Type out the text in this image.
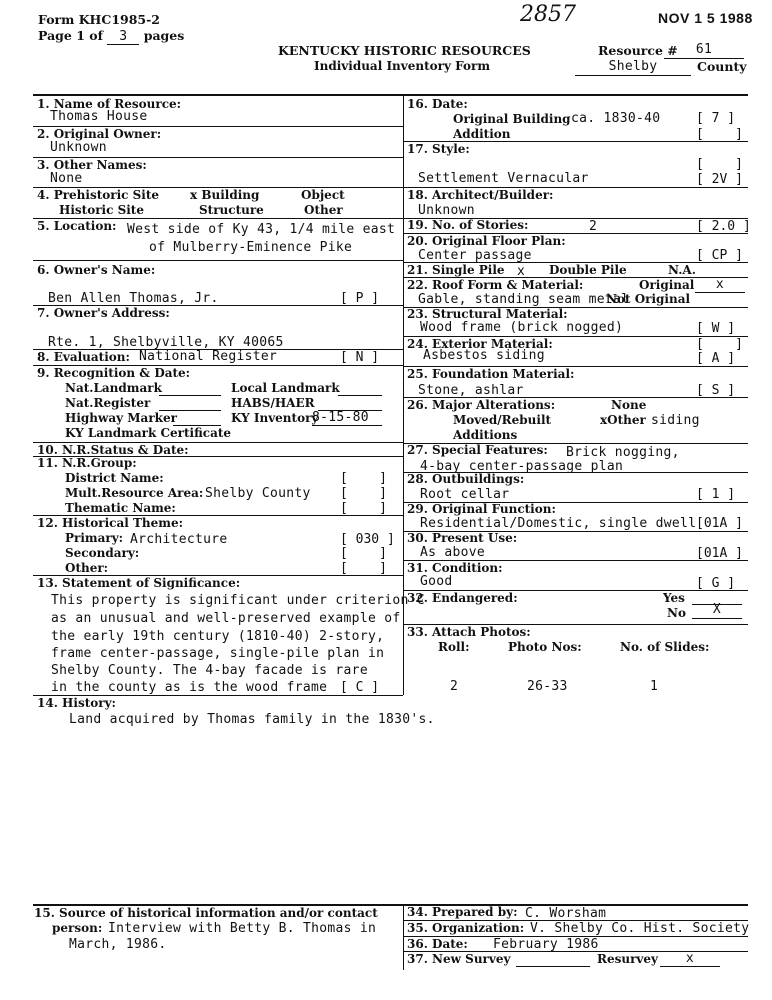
Form KHC1985-2
Page 1 of 3 pages
2857	NOV 1 5 1988
KENTUCKY HISTORIC RESOURCES
Individual Inventory Form
Resource #	61
Shelby	County
1. Name of Resource:
Thomas House
2. Original Owner:
Unknown
3. Other Names:
None
4. Prehistoric Site	x Building	Object
Historic Site	Structure	Other
5. Location: West side of Ky 43, 1/4 mile east
of Mulberry-Eminence Pike
6. Owner's Name:
Ben Allen Thomas, Jr.	[ P ]
7. Owner's Address:
Rte. 1, Shelbyville, KY 40065
8. Evaluation: National Register	[ N ]
9. Recognition & Date:
Nat.Landmark	Local Landmark
Nat.Register	HABS/HAER
Highway Marker	KY Inventory
8-15-80
KY Landmark Certificate
10. N.R.Status & Date:
11. N.R.Group:
District Name:	[    ]
Mult.Resource Area: Shelby County [    ]
Thematic Name:	[    ]
12. Historical Theme:
Primary: Architecture	[ 030 ]
Secondary:	[    ]
Other:	[    ]
13. Statement of Significance:
This property is significant under criterion C
as an unusual and well-preserved example of
the early 19th century (1810-40) 2-story,
frame center-passage, single-pile plan in
Shelby County. The 4-bay facade is rare
in the county as is the wood frame [ C ]
14. History:
Land acquired by Thomas family in the 1830's.
15. Source of historical information and/or contact
person: Interview with Betty B. Thomas in
March, 1986.
16. Date:
Original Building ca. 1830-40	[ 7 ]
Addition	[    ]
17. Style:
[    ]
Settlement Vernacular	[ 2V ]
18. Architect/Builder:
Unknown
19. No. of Stories:	2	[ 2.0 ]
20. Original Floor Plan:
Center passage	[ CP ]
21. Single Pile x Double Pile	N.A.
22. Roof Form & Material:	Original	x
Gable, standing seam metal
Not Original
23. Structural Material:
Wood frame (brick nogged)	[ W ]
24. Exterior Material:	[    ]
Asbestos siding	[ A ]
25. Foundation Material:
Stone, ashlar	[ S ]
26. Major Alterations:	None
Moved/Rebuilt	xOther siding
Additions
27. Special Features: Brick nogging,
4-bay center-passage plan
28. Outbuildings:
Root cellar	[ 1 ]
29. Original Function:
Residential/Domestic, single dwell [01A ]
30. Present Use:
As above	[01A ]
31. Condition:
Good	[ G ]
32. Endangered:	Yes
No	X
33. Attach Photos:
Roll:	Photo Nos:	No. of Slides:
2	26-33	1
34. Prepared by: C. Worsham
35. Organization: V. Shelby Co. Hist. Society
36. Date: February 1986
37. New Survey	Resurvey	x
